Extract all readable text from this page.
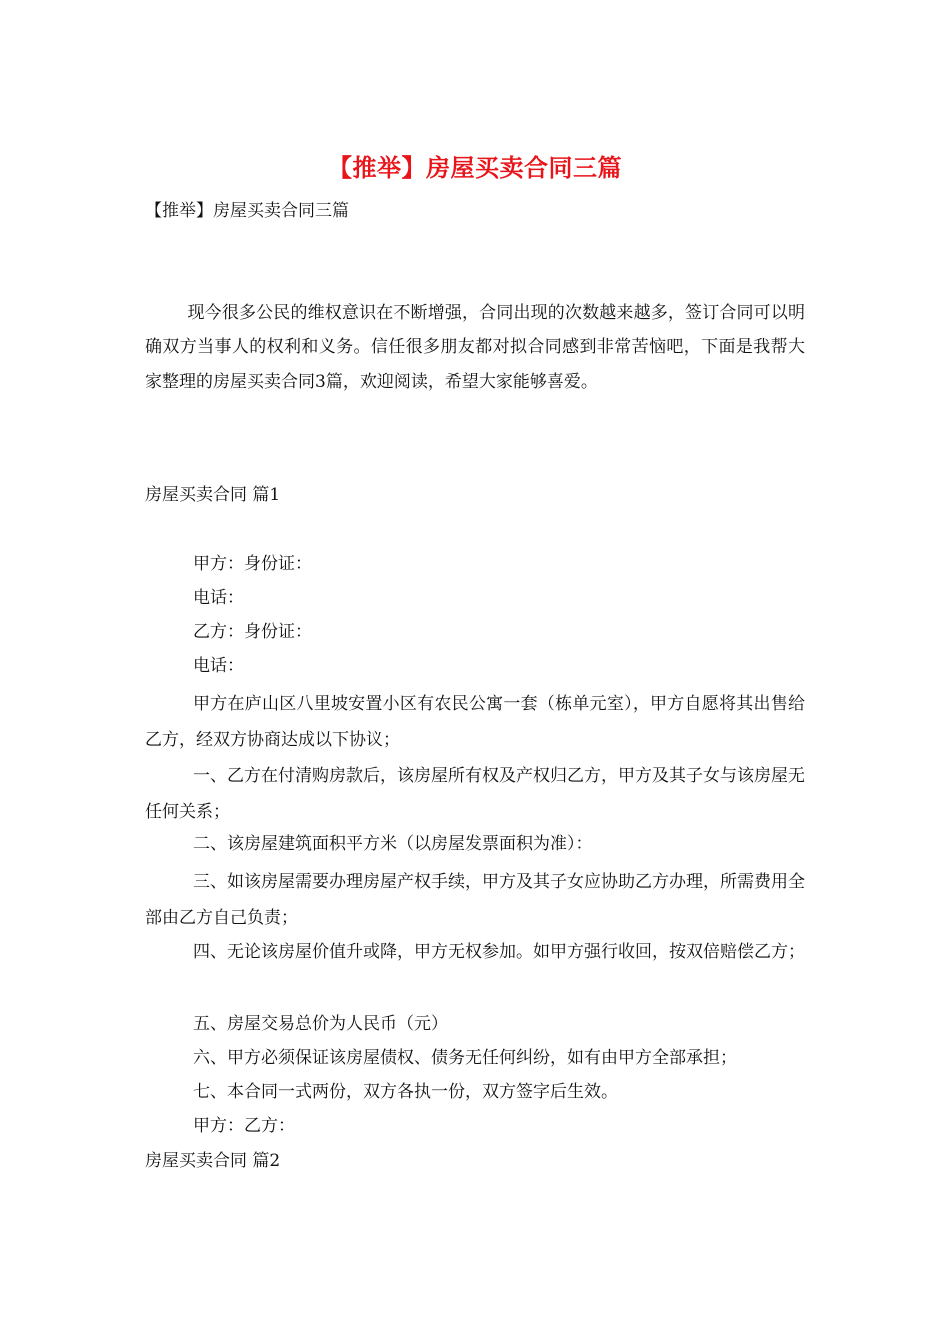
【推举】房屋买卖合同三篇
【推举】房屋买卖合同三篇

现今很多公民的维权意识在不断增强，合同出现的次数越来越多，签订合同可以明确双方当事人的权利和义务。信任很多朋友都对拟合同感到非常苦恼吧，下面是我帮大家整理的房屋买卖合同3篇，欢迎阅读，希望大家能够喜爱。

房屋买卖合同 篇1

甲方：身份证：

电话：

乙方：身份证：

电话：

甲方在庐山区八里坡安置小区有农民公寓一套（栋单元室），甲方自愿将其出售给乙方，经双方协商达成以下协议；

一、乙方在付清购房款后，该房屋所有权及产权归乙方，甲方及其子女与该房屋无任何关系；

二、该房屋建筑面积平方米（以房屋发票面积为准）：

三、如该房屋需要办理房屋产权手续，甲方及其子女应协助乙方办理，所需费用全部由乙方自己负责；

四、无论该房屋价值升或降，甲方无权参加。如甲方强行收回，按双倍赔偿乙方；

五、房屋交易总价为人民币（元）

六、甲方必须保证该房屋债权、债务无任何纠纷，如有由甲方全部承担；

七、本合同一式两份，双方各执一份，双方签字后生效。

甲方：乙方：

房屋买卖合同 篇2
